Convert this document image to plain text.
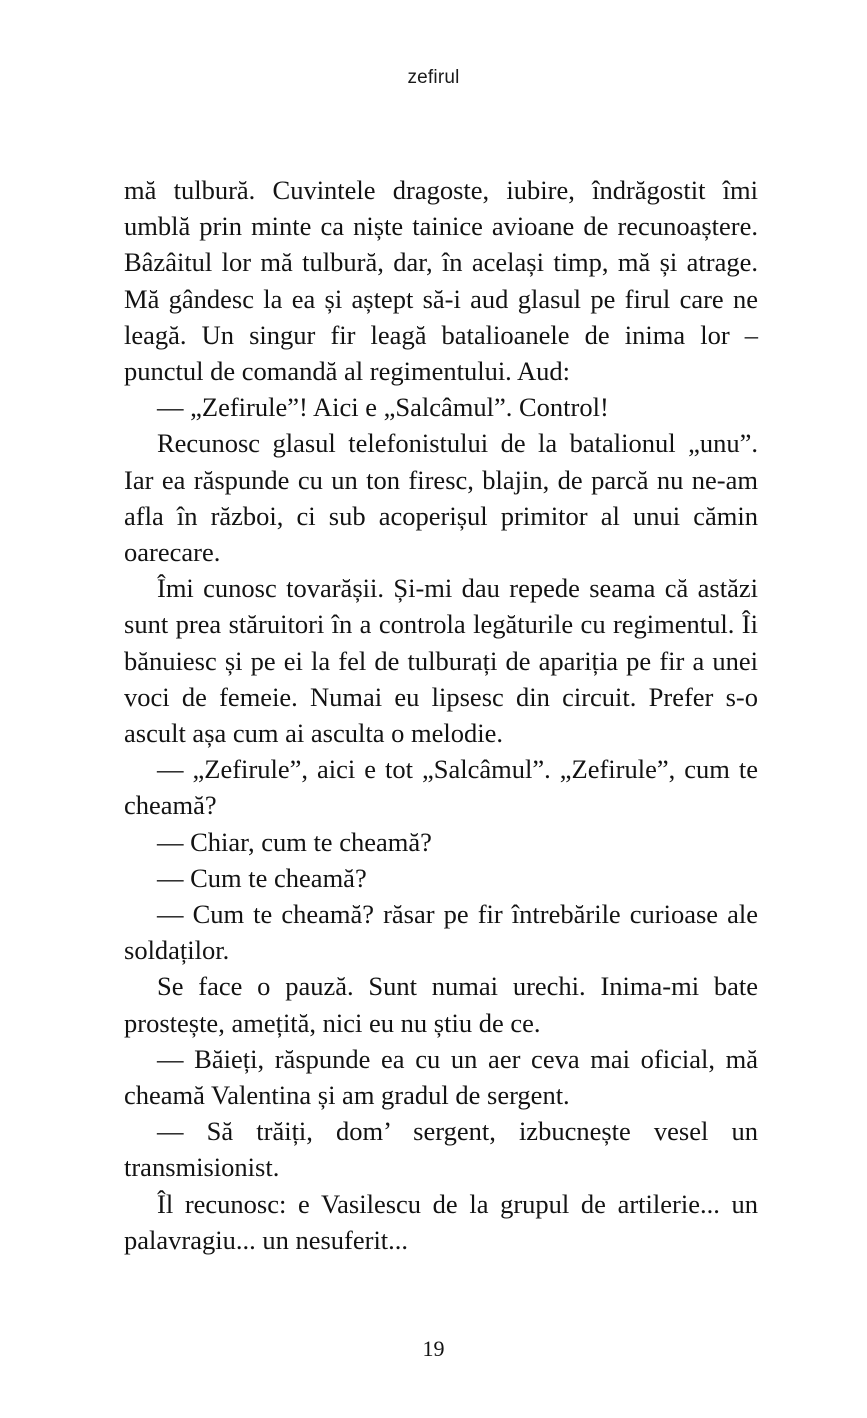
zefirul

mă tulbură. Cuvintele dragoste, iubire, îndrăgostit îmi umblă prin minte ca niște tainice avioane de recunoaștere. Bâzâitul lor mă tulbură, dar, în același timp, mă și atrage. Mă gândesc la ea și aștept să-i aud glasul pe firul care ne leagă. Un singur fir leagă batalioanele de inima lor – punctul de comandă al regimentului. Aud:

— „Zefirule”! Aici e „Salcâmul”. Control!

Recunosc glasul telefonistului de la batalionul „unu”. Iar ea răspunde cu un ton firesc, blajin, de parcă nu ne-am afla în război, ci sub acoperișul primitor al unui cămin oarecare.

Îmi cunosc tovarășii. Și-mi dau repede seama că astăzi sunt prea stăruitori în a controla legăturile cu regimentul. Îi bănuiesc și pe ei la fel de tulburați de apariția pe fir a unei voci de femeie. Numai eu lipsesc din circuit. Prefer s-o ascult așa cum ai asculta o melodie.

— „Zefirule”, aici e tot „Salcâmul”. „Zefirule”, cum te cheamă?

— Chiar, cum te cheamă?

— Cum te cheamă?

— Cum te cheamă? răsar pe fir întrebările curioase ale soldaților.

Se face o pauză. Sunt numai urechi. Inima-mi bate prostește, amețită, nici eu nu știu de ce.

— Băieți, răspunde ea cu un aer ceva mai oficial, mă cheamă Valentina și am gradul de sergent.

— Să trăiți, dom’ sergent, izbucnește vesel un transmisionist.

Îl recunosc: e Vasilescu de la grupul de artilerie... un palavragiu... un nesuferit...

19
